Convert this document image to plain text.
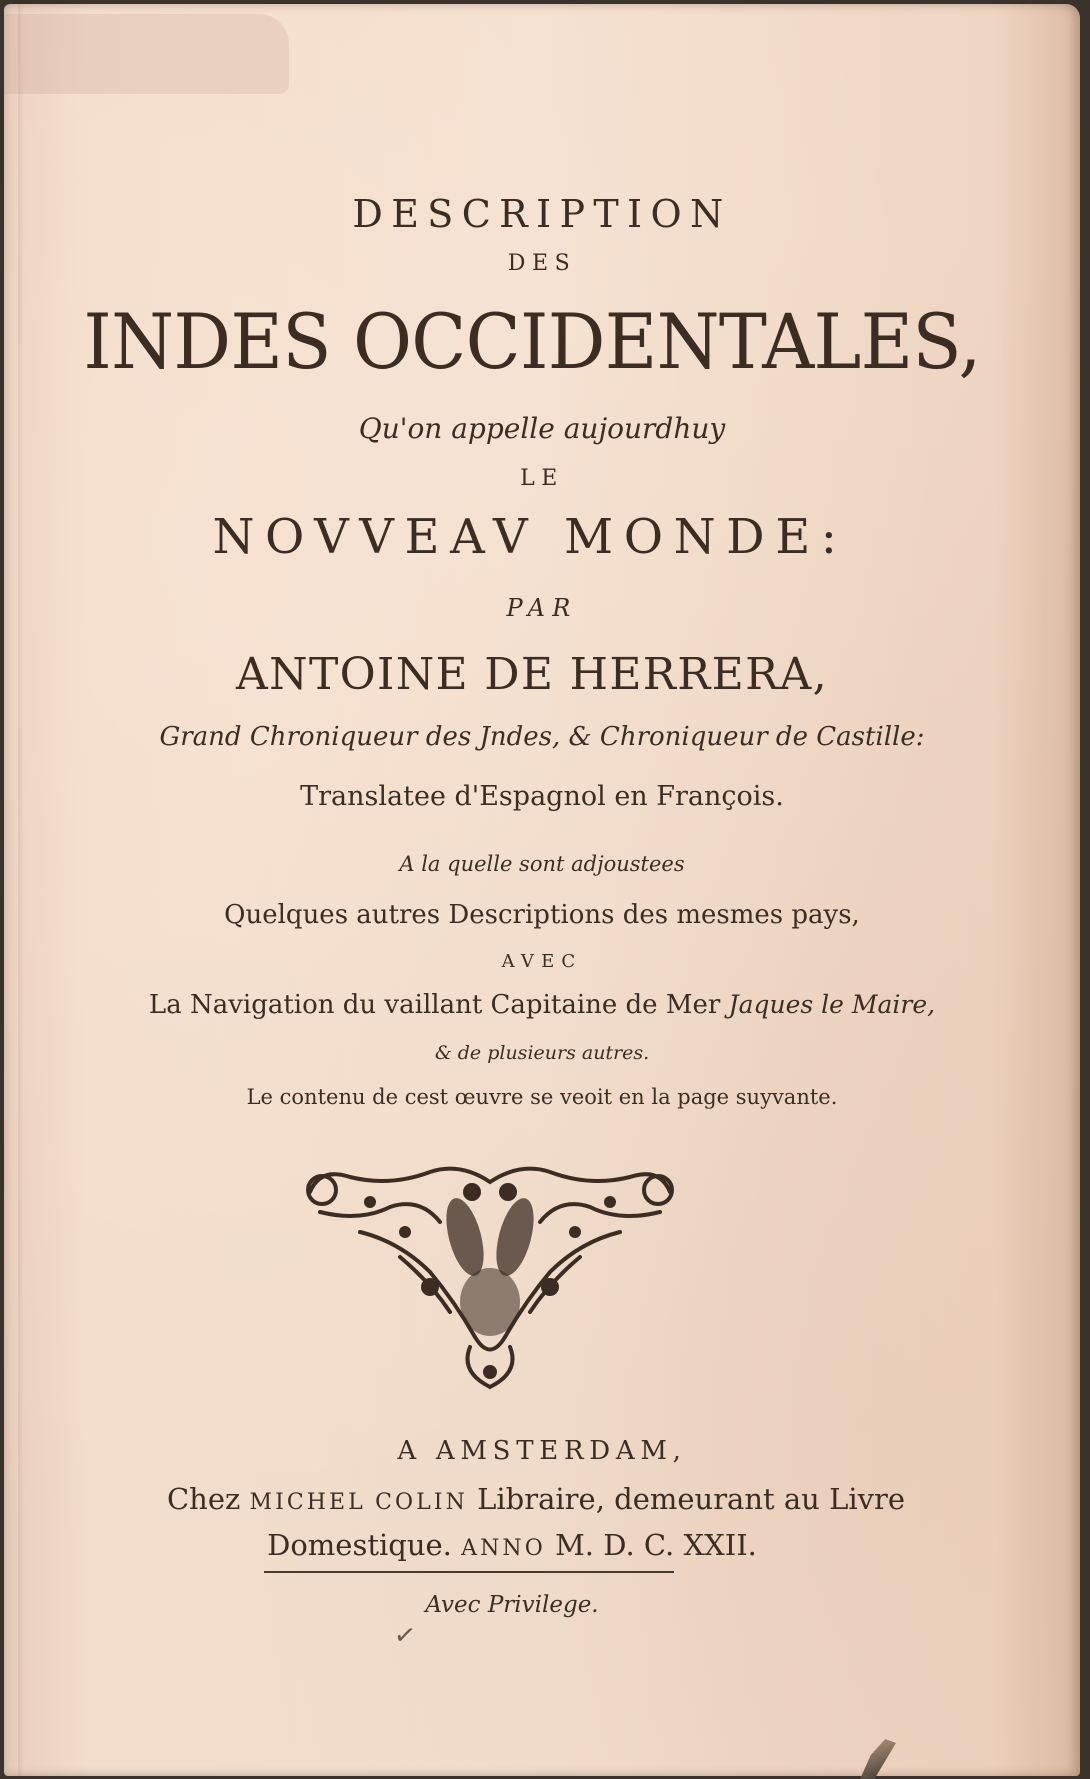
DESCRIPTION
DES
INDES OCCIDENTALES,
Qu'on appelle aujourdhuy
LE
NOVVEAV MONDE:
PAR
ANTOINE DE HERRERA,
Grand Chroniqueur des Jndes, & Chroniqueur de Castille:
Translatee d'Espagnol en François.
A la quelle sont adjoustees
Quelques autres Descriptions des mesmes pays,
AVEC
La Navigation du vaillant Capitaine de Mer Jaques le Maire,
& de plusieurs autres.
Le contenu de cest œuvre se veoit en la page suyvante.
A AMSTERDAM,
Chez MICHEL COLIN Libraire, demeurant au Livre
Domestique. ANNO M. D. C. XXII.
Avec Privilege.
✓
